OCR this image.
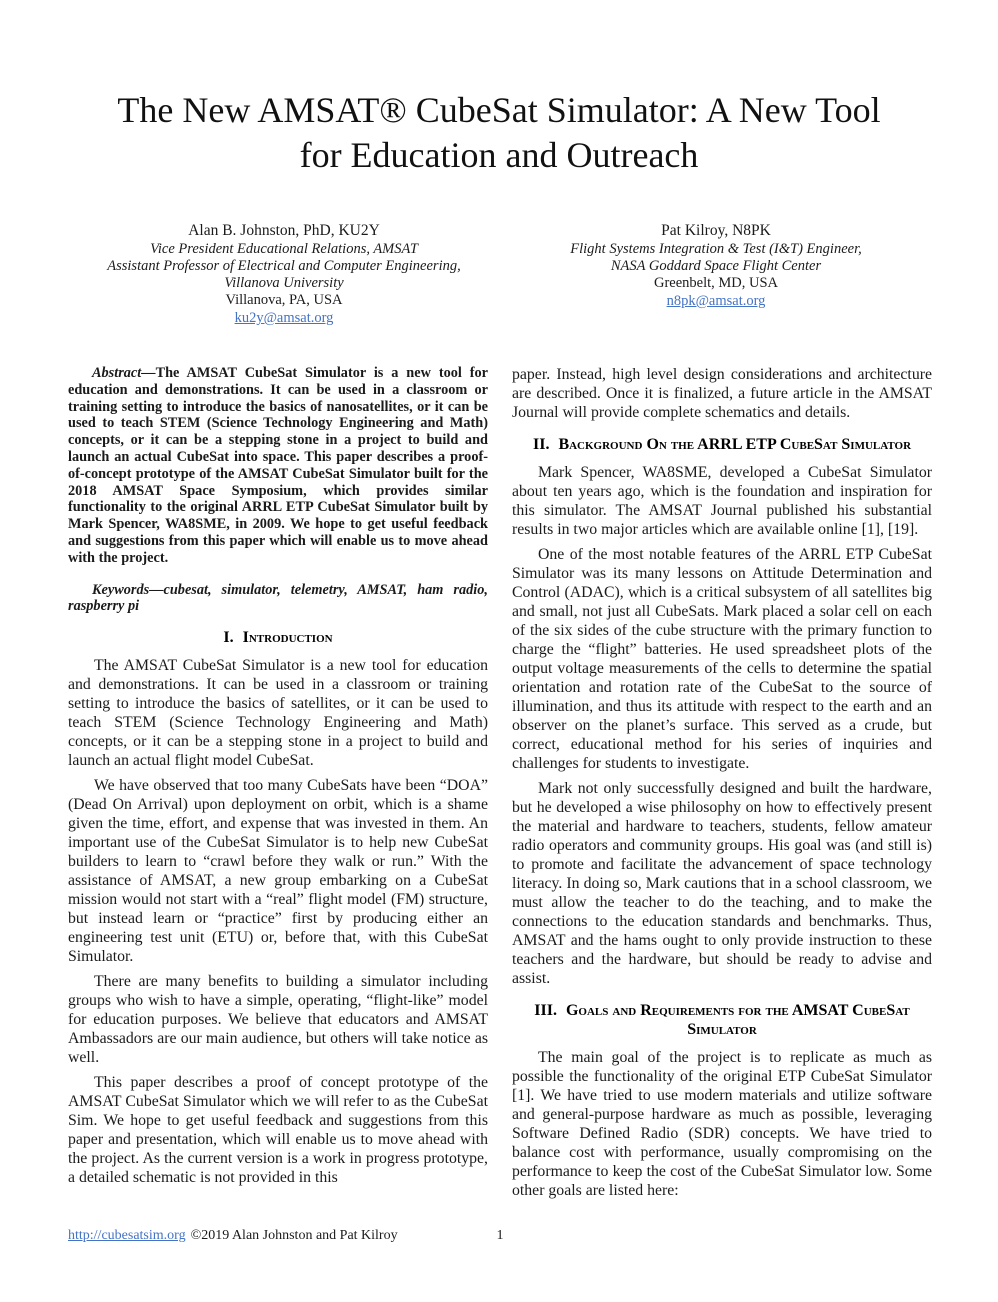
The New AMSAT® CubeSat Simulator: A New Tool
for Education and Outreach
Alan B. Johnston, PhD, KU2Y
Vice President Educational Relations, AMSAT
Assistant Professor of Electrical and Computer Engineering,
Villanova University
Villanova, PA, USA
ku2y@amsat.org
Pat Kilroy, N8PK
Flight Systems Integration & Test (I&T) Engineer,
NASA Goddard Space Flight Center
Greenbelt, MD, USA
n8pk@amsat.org

Abstract—The AMSAT CubeSat Simulator is a new tool for education and demonstrations. It can be used in a classroom or training setting to introduce the basics of nanosatellites, or it can be used to teach STEM (Science Technology Engineering and Math) concepts, or it can be a stepping stone in a project to build and launch an actual CubeSat into space. This paper describes a proof-of-concept prototype of the AMSAT CubeSat Simulator built for the 2018 AMSAT Space Symposium, which provides similar functionality to the original ARRL ETP CubeSat Simulator built by Mark Spencer, WA8SME, in 2009. We hope to get useful feedback and suggestions from this paper which will enable us to move ahead with the project.

Keywords—cubesat, simulator, telemetry, AMSAT, ham radio, raspberry pi

I. Introduction

The AMSAT CubeSat Simulator is a new tool for education and demonstrations. It can be used in a classroom or training setting to introduce the basics of satellites, or it can be used to teach STEM (Science Technology Engineering and Math) concepts, or it can be a stepping stone in a project to build and launch an actual flight model CubeSat.

We have observed that too many CubeSats have been “DOA” (Dead On Arrival) upon deployment on orbit, which is a shame given the time, effort, and expense that was invested in them. An important use of the CubeSat Simulator is to help new CubeSat builders to learn to “crawl before they walk or run.” With the assistance of AMSAT, a new group embarking on a CubeSat mission would not start with a “real” flight model (FM) structure, but instead learn or “practice” first by producing either an engineering test unit (ETU) or, before that, with this CubeSat Simulator.

There are many benefits to building a simulator including groups who wish to have a simple, operating, “flight-like” model for education purposes. We believe that educators and AMSAT Ambassadors are our main audience, but others will take notice as well.

This paper describes a proof of concept prototype of the AMSAT CubeSat Simulator which we will refer to as the CubeSat Sim. We hope to get useful feedback and suggestions from this paper and presentation, which will enable us to move ahead with the project. As the current version is a work in progress prototype, a detailed schematic is not provided in this

paper. Instead, high level design considerations and architecture are described. Once it is finalized, a future article in the AMSAT Journal will provide complete schematics and details.

II. Background On the ARRL ETP CubeSat Simulator

Mark Spencer, WA8SME, developed a CubeSat Simulator about ten years ago, which is the foundation and inspiration for this simulator. The AMSAT Journal published his substantial results in two major articles which are available online [1], [19].

One of the most notable features of the ARRL ETP CubeSat Simulator was its many lessons on Attitude Determination and Control (ADAC), which is a critical subsystem of all satellites big and small, not just all CubeSats. Mark placed a solar cell on each of the six sides of the cube structure with the primary function to charge the “flight” batteries. He used spreadsheet plots of the output voltage measurements of the cells to determine the spatial orientation and rotation rate of the CubeSat to the source of illumination, and thus its attitude with respect to the earth and an observer on the planet’s surface. This served as a crude, but correct, educational method for his series of inquiries and challenges for students to investigate.

Mark not only successfully designed and built the hardware, but he developed a wise philosophy on how to effectively present the material and hardware to teachers, students, fellow amateur radio operators and community groups. His goal was (and still is) to promote and facilitate the advancement of space technology literacy. In doing so, Mark cautions that in a school classroom, we must allow the teacher to do the teaching, and to make the connections to the education standards and benchmarks. Thus, AMSAT and the hams ought to only provide instruction to these teachers and the hardware, but should be ready to advise and assist.

III. Goals and Requirements for the AMSAT CubeSat Simulator

The main goal of the project is to replicate as much as possible the functionality of the original ETP CubeSat Simulator [1]. We have tried to use modern materials and utilize software and general-purpose hardware as much as possible, leveraging Software Defined Radio (SDR) concepts. We have tried to balance cost with performance, usually compromising on the performance to keep the cost of the CubeSat Simulator low. Some other goals are listed here:

http://cubesatsim.org ©2019 Alan Johnston and Pat Kilroy	1
